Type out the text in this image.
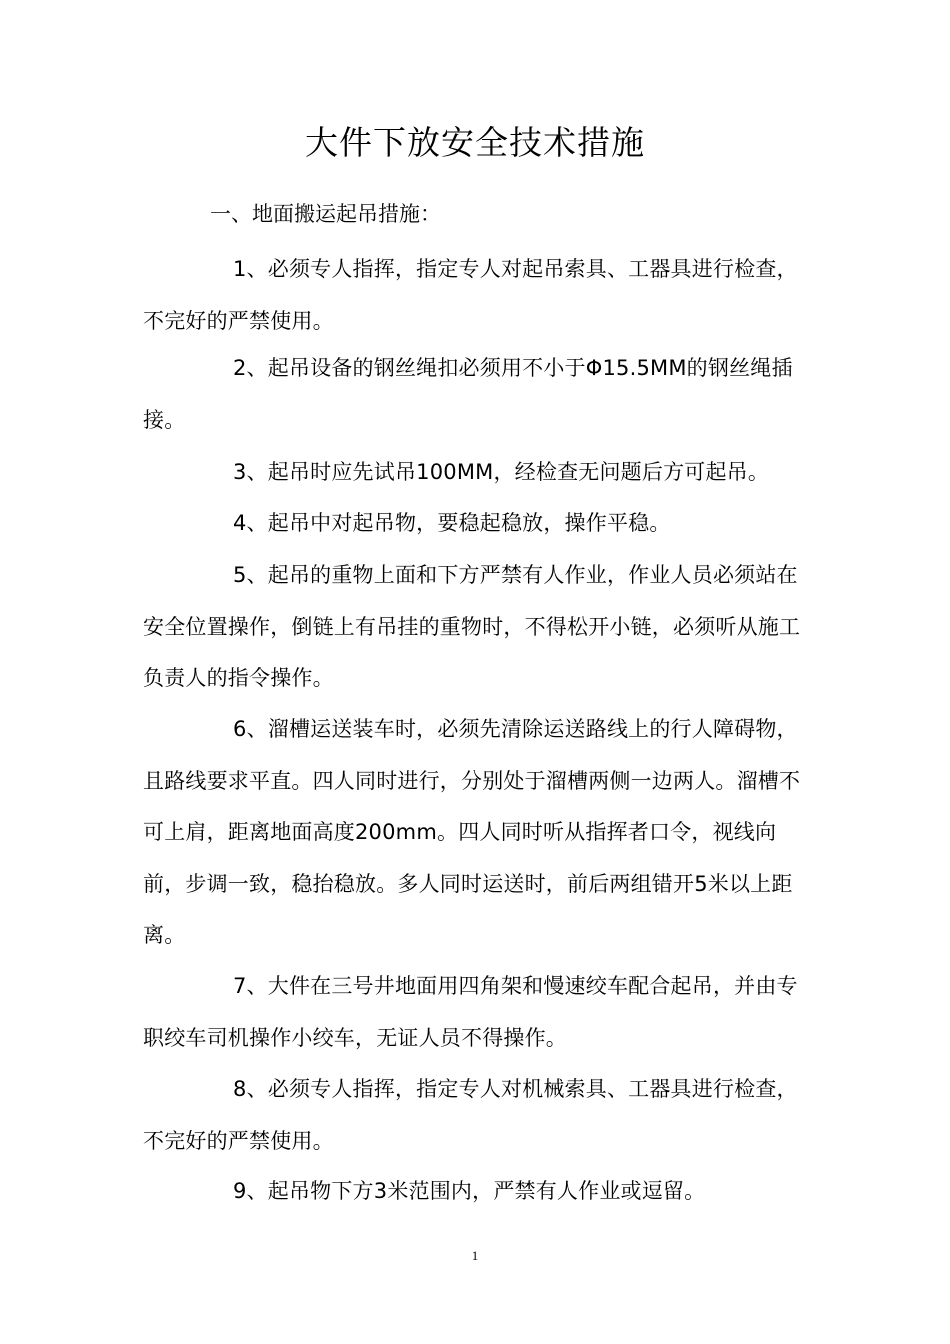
大件下放安全技术措施

一、地面搬运起吊措施：

1、必须专人指挥，指定专人对起吊索具、工器具进行检查，不完好的严禁使用。

2、起吊设备的钢丝绳扣必须用不小于Φ15.5MM的钢丝绳插接。

3、起吊时应先试吊100MM，经检查无问题后方可起吊。

4、起吊中对起吊物，要稳起稳放，操作平稳。

5、起吊的重物上面和下方严禁有人作业，作业人员必须站在安全位置操作，倒链上有吊挂的重物时，不得松开小链，必须听从施工负责人的指令操作。

6、溜槽运送装车时，必须先清除运送路线上的行人障碍物，且路线要求平直。四人同时进行，分别处于溜槽两侧一边两人。溜槽不可上肩，距离地面高度200mm。四人同时听从指挥者口令，视线向前，步调一致，稳抬稳放。多人同时运送时，前后两组错开5米以上距离。

7、大件在三号井地面用四角架和慢速绞车配合起吊，并由专职绞车司机操作小绞车，无证人员不得操作。

8、必须专人指挥，指定专人对机械索具、工器具进行检查，不完好的严禁使用。

9、起吊物下方3米范围内，严禁有人作业或逗留。

1
